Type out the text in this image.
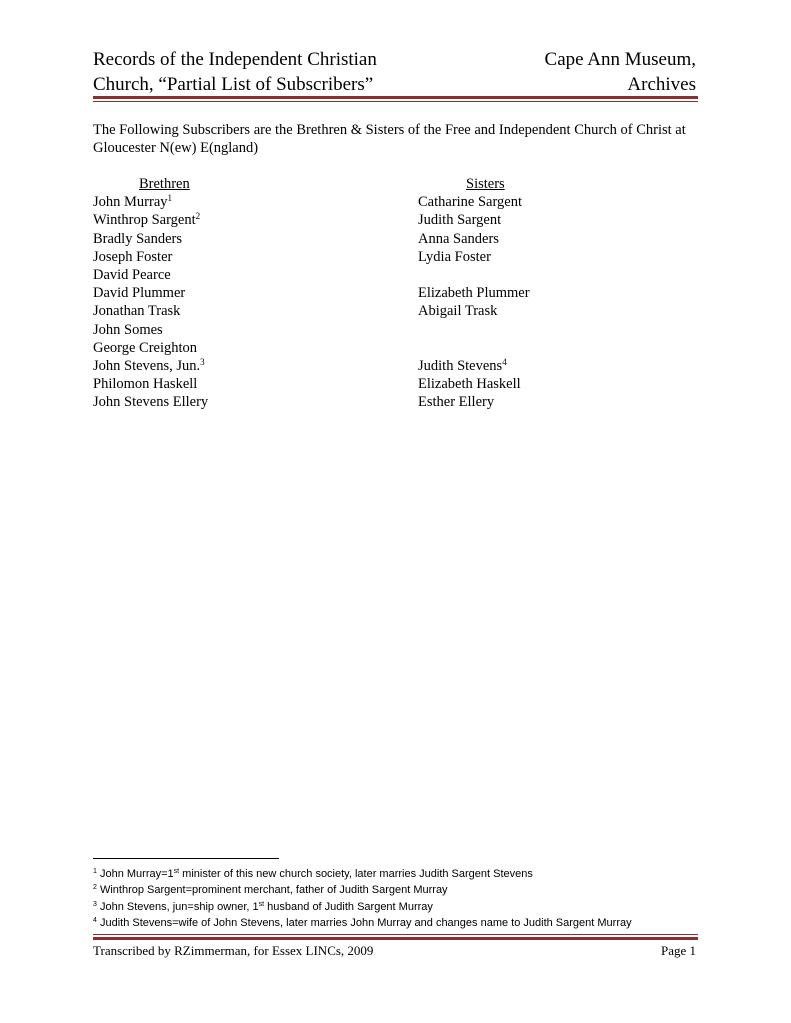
Records of the Independent Christian
Church, “Partial List of Subscribers”
Cape Ann Museum,
Archives
The Following Subscribers are the Brethren & Sisters of the Free and Independent Church of Christ at Gloucester N(ew) E(ngland)
Brethren
John Murray$^1$
Winthrop Sargent$^2$
Bradly Sanders
Joseph Foster
David Pearce
David Plummer
Jonathan Trask
John Somes
George Creighton
John Stevens, Jun.$^3$
Philomon Haskell
John Stevens Ellery
Sisters
Catharine Sargent
Judith Sargent
Anna Sanders
Lydia Foster
Elizabeth Plummer
Abigail Trask
Judith Stevens$^4$
Elizabeth Haskell
Esther Ellery
$^1$ John Murray=1st minister of this new church society, later marries Judith Sargent Stevens
$^2$ Winthrop Sargent=prominent merchant, father of Judith Sargent Murray
$^3$ John Stevens, jun=ship owner, 1st husband of Judith Sargent Murray
$^4$ Judith Stevens=wife of John Stevens, later marries John Murray and changes name to Judith Sargent Murray
Transcribed by RZimmerman, for Essex LINCs, 2009	Page 1
